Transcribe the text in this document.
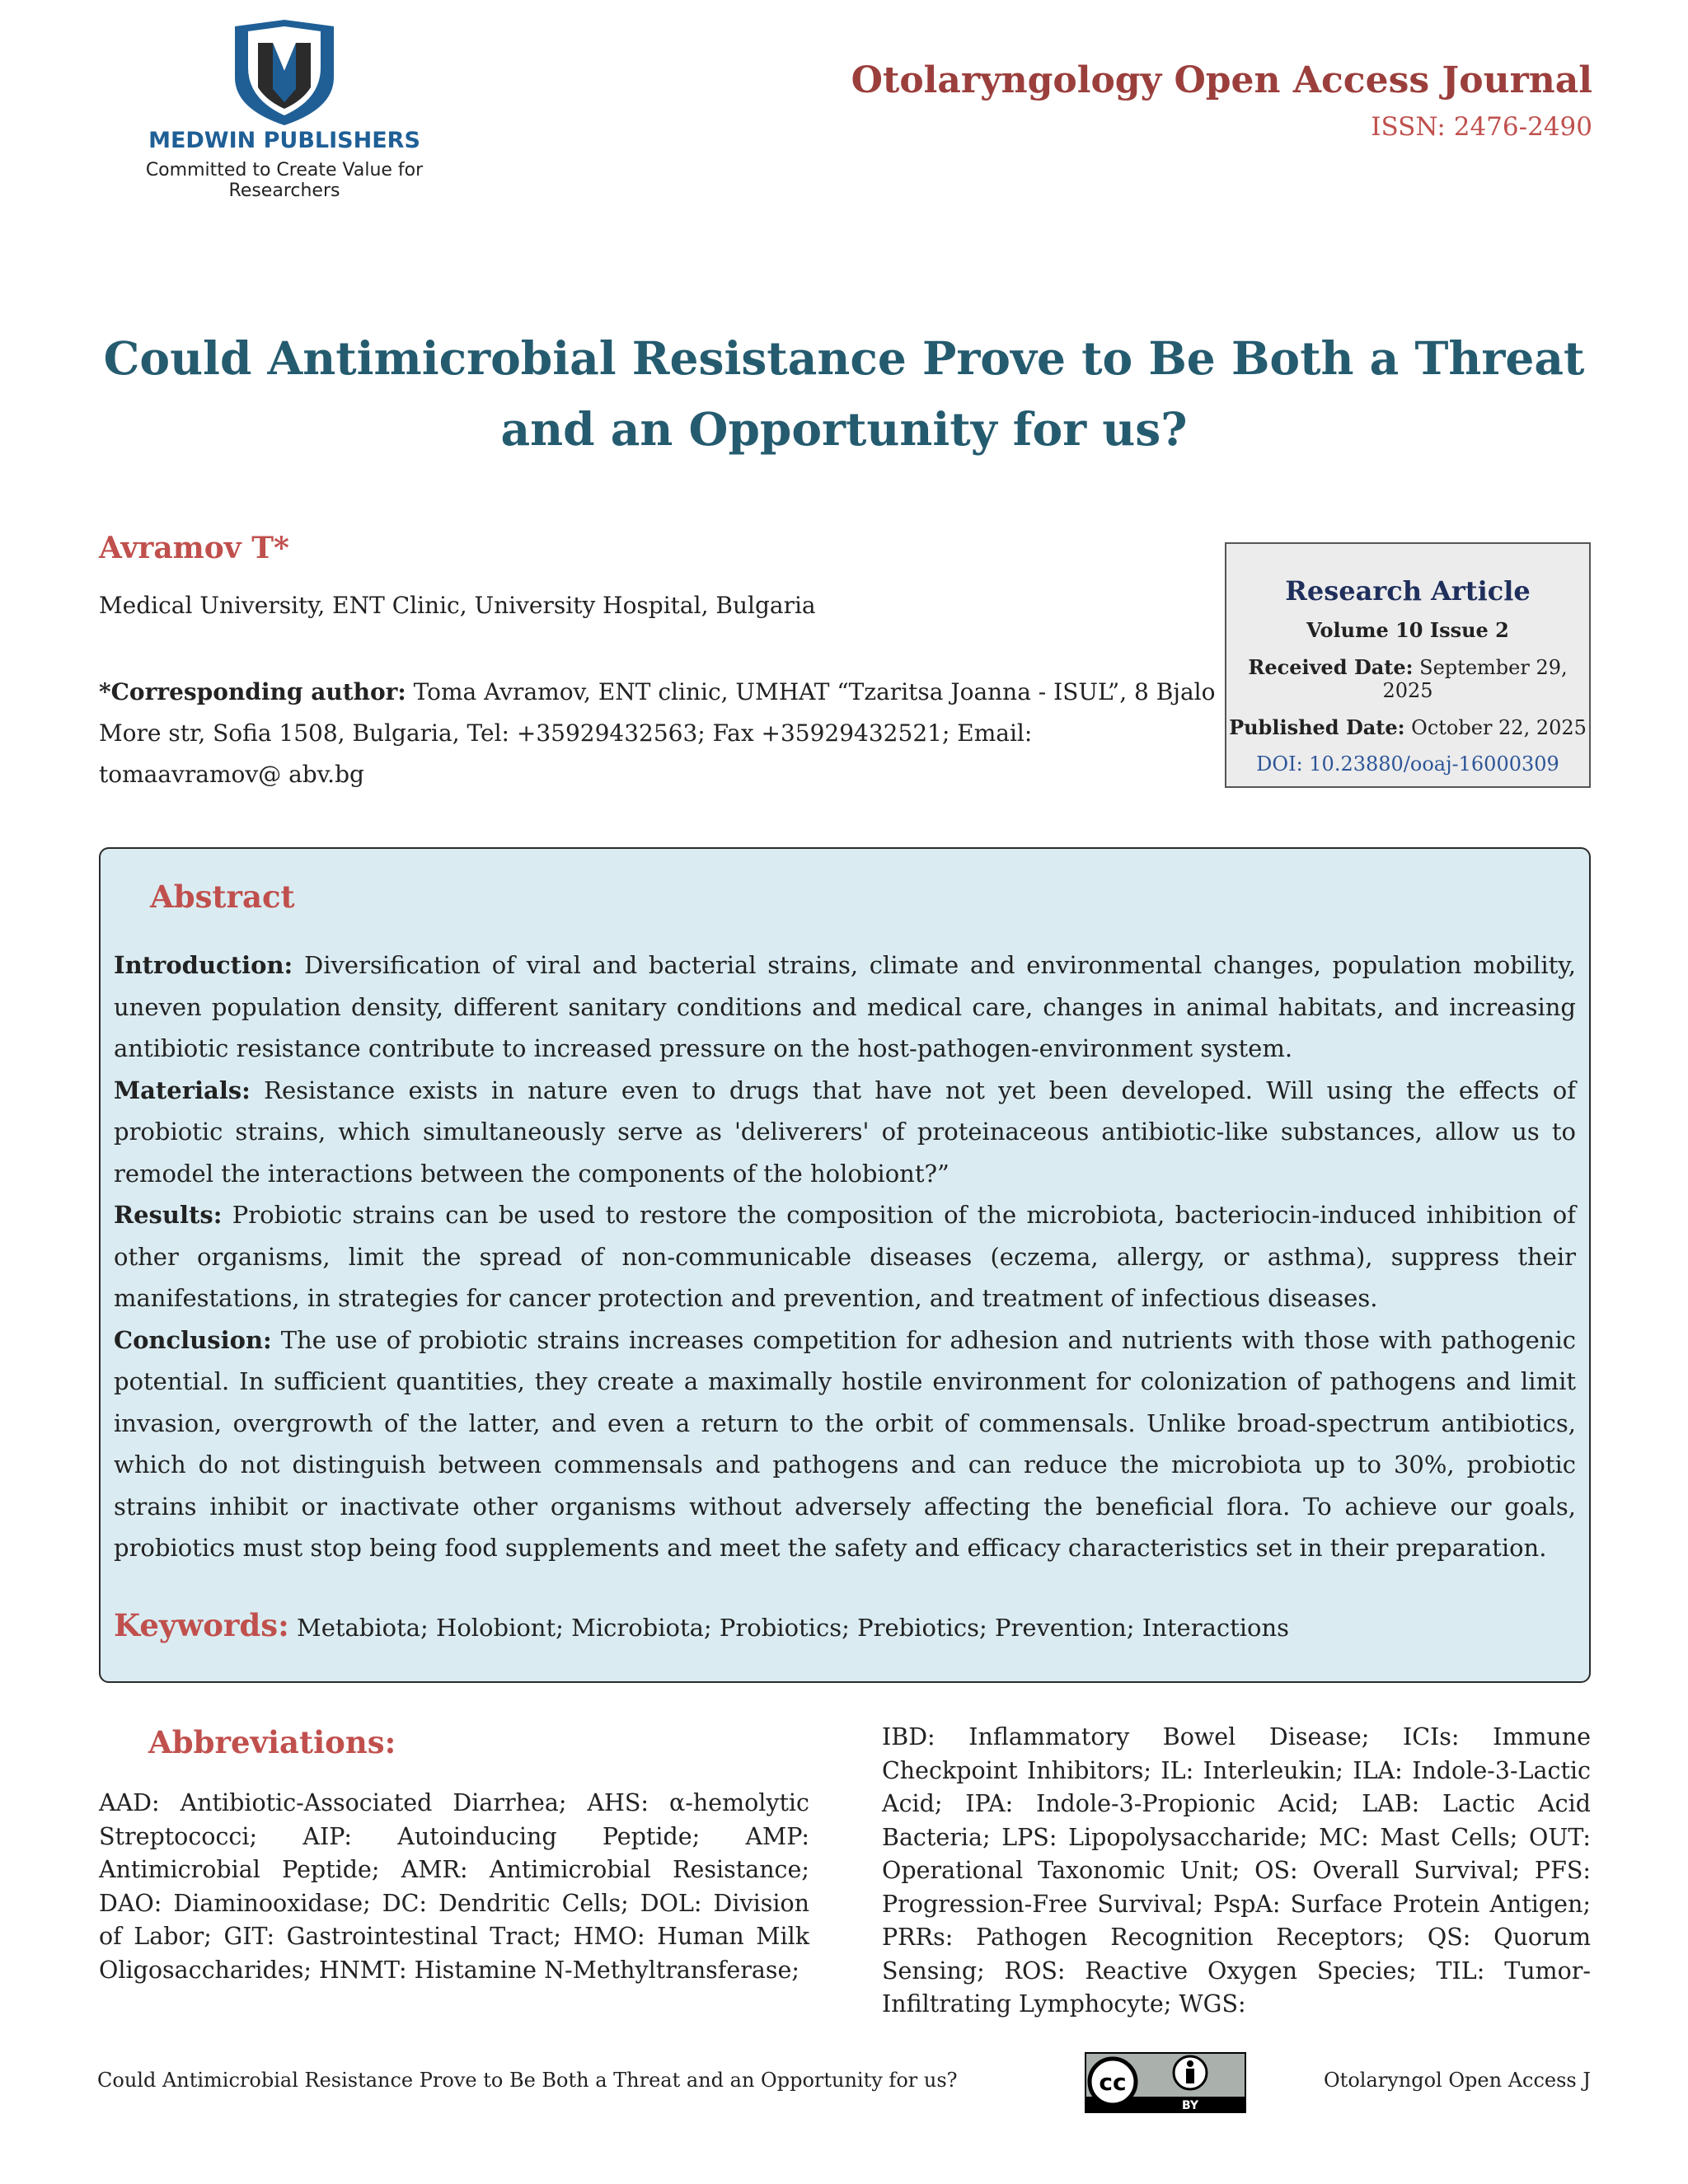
MEDWIN PUBLISHERS
Committed to Create Value for Researchers
Otolaryngology Open Access Journal
ISSN: 2476-2490
Could Antimicrobial Resistance Prove to Be Both a Threat and an Opportunity for us?
Avramov T*
Medical University, ENT Clinic, University Hospital, Bulgaria
*Corresponding author: Toma Avramov, ENT clinic, UMHAT “Tzaritsa Joanna - ISUL”, 8 Bjalo More str, Sofia 1508, Bulgaria, Tel: +35929432563; Fax +35929432521; Email: tomaavramov@ abv.bg
Research Article
Volume 10 Issue 2
Received Date: September 29, 2025
Published Date: October 22, 2025
DOI: 10.23880/ooaj-16000309
Abstract

Introduction: Diversification of viral and bacterial strains, climate and environmental changes, population mobility, uneven population density, different sanitary conditions and medical care, changes in animal habitats, and increasing antibiotic resistance contribute to increased pressure on the host-pathogen-environment system.

Materials: Resistance exists in nature even to drugs that have not yet been developed. Will using the effects of probiotic strains, which simultaneously serve as 'deliverers' of proteinaceous antibiotic-like substances, allow us to remodel the interactions between the components of the holobiont?”

Results: Probiotic strains can be used to restore the composition of the microbiota, bacteriocin-induced inhibition of other organisms, limit the spread of non-communicable diseases (eczema, allergy, or asthma), suppress their manifestations, in strategies for cancer protection and prevention, and treatment of infectious diseases.

Conclusion: The use of probiotic strains increases competition for adhesion and nutrients with those with pathogenic potential. In sufficient quantities, they create a maximally hostile environment for colonization of pathogens and limit invasion, overgrowth of the latter, and even a return to the orbit of commensals. Unlike broad-spectrum antibiotics, which do not distinguish between commensals and pathogens and can reduce the microbiota up to 30%, probiotic strains inhibit or inactivate other organisms without adversely affecting the beneficial flora. To achieve our goals, probiotics must stop being food supplements and meet the safety and efficacy characteristics set in their preparation.

Keywords: Metabiota; Holobiont; Microbiota; Probiotics; Prebiotics; Prevention; Interactions
Abbreviations:
AAD: Antibiotic-Associated Diarrhea; AHS: α-hemolytic Streptococci; AIP: Autoinducing Peptide; AMP: Antimicrobial Peptide; AMR: Antimicrobial Resistance; DAO: Diaminooxidase; DC: Dendritic Cells; DOL: Division of Labor; GIT: Gastrointestinal Tract; HMO: Human Milk Oligosaccharides; HNMT: Histamine N-Methyltransferase;
IBD: Inflammatory Bowel Disease; ICIs: Immune Checkpoint Inhibitors; IL: Interleukin; ILA: Indole-3-Lactic Acid; IPA: Indole-3-Propionic Acid; LAB: Lactic Acid Bacteria; LPS: Lipopolysaccharide; MC: Mast Cells; OUT: Operational Taxonomic Unit; OS: Overall Survival; PFS: Progression-Free Survival; PspA: Surface Protein Antigen; PRRs: Pathogen Recognition Receptors; QS: Quorum Sensing; ROS: Reactive Oxygen Species; TIL: Tumor-Infiltrating Lymphocyte; WGS:
Could Antimicrobial Resistance Prove to Be Both a Threat and an Opportunity for us?	cc
BY
Otolaryngol Open Access J
